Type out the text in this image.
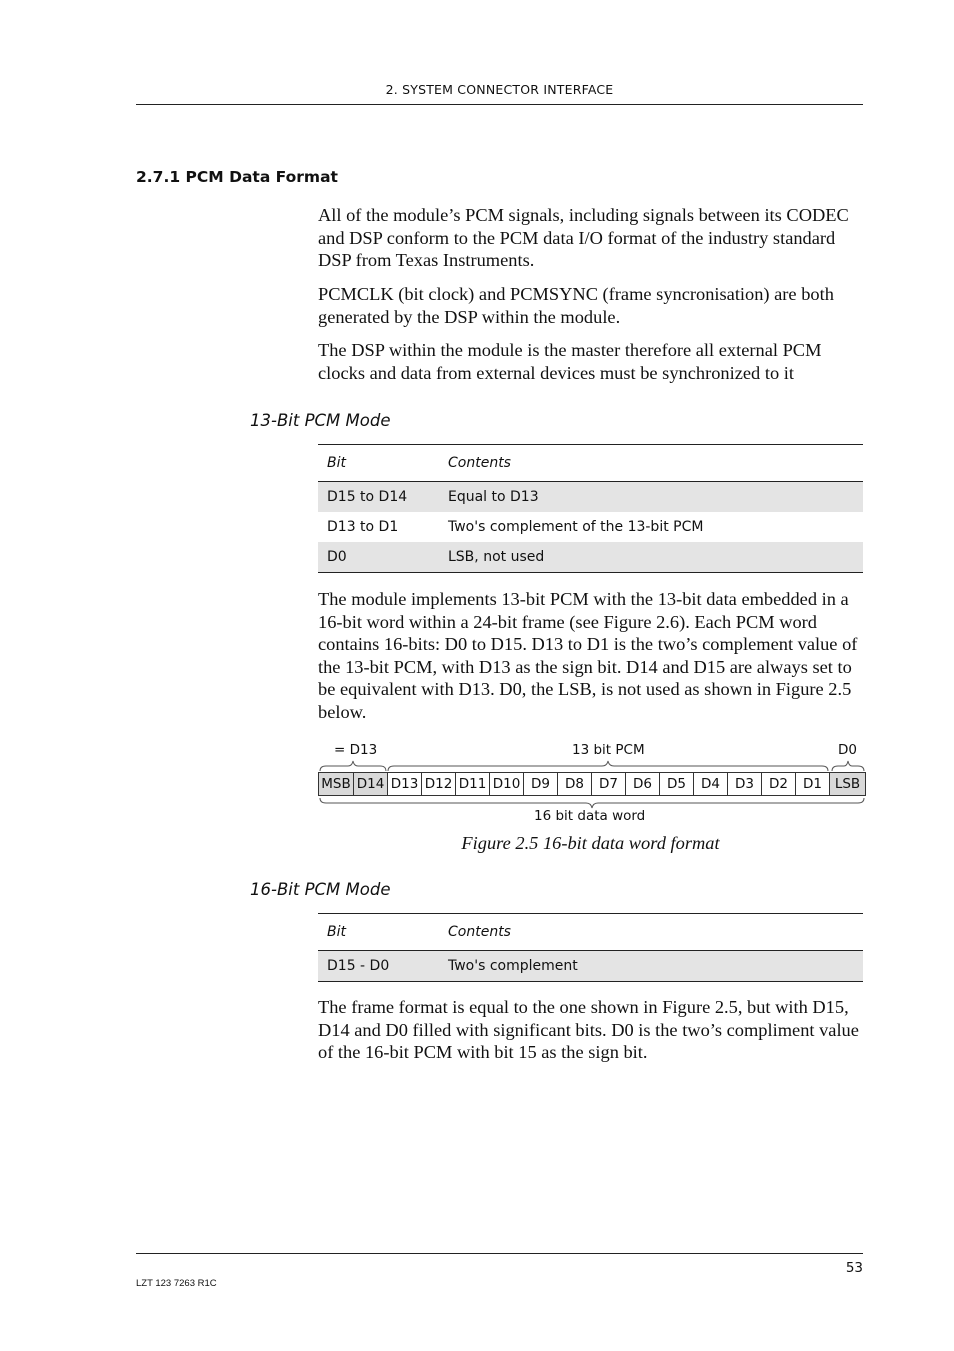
2. SYSTEM CONNECTOR INTERFACE
2.7.1 PCM Data Format

All of the module’s PCM signals, including signals between its CODEC and DSP conform to the PCM data I/O format of the industry standard DSP from Texas Instruments.

PCMCLK (bit clock) and PCMSYNC (frame syncronisation) are both generated by the DSP within the module.

The DSP within the module is the master therefore all external PCM clocks and data from external devices must be synchronized to it

13-Bit PCM Mode
Bit	Contents
D15 to D14	Equal to D13
D13 to D1	Two's complement of the 13-bit PCM
D0	LSB, not used

The module implements 13-bit PCM with the 13-bit data embedded in a 16-bit word within a 24-bit frame (see Figure 2.6). Each PCM word contains 16-bits: D0 to D15. D13 to D1 is the two’s complement value of the 13-bit PCM, with D13 as the sign bit. D14 and D15 are always set to be equivalent with D13. D0, the LSB, is not used as shown in Figure 2.5 below.

= D13	13 bit PCM	D0
MSB D14 D13 D12 D11 D10 D9	D8	D7	D6	D5	D4	D3	D2	D1 LSB
16 bit data word
Figure 2.5 16-bit data word format
16-Bit PCM Mode
Bit	Contents
D15 - D0	Two's complement

The frame format is equal to the one shown in Figure 2.5, but with D15, D14 and D0 filled with significant bits. D0 is the two’s compliment value of the 16-bit PCM with bit 15 as the sign bit.

53
LZT 123 7263 R1C
